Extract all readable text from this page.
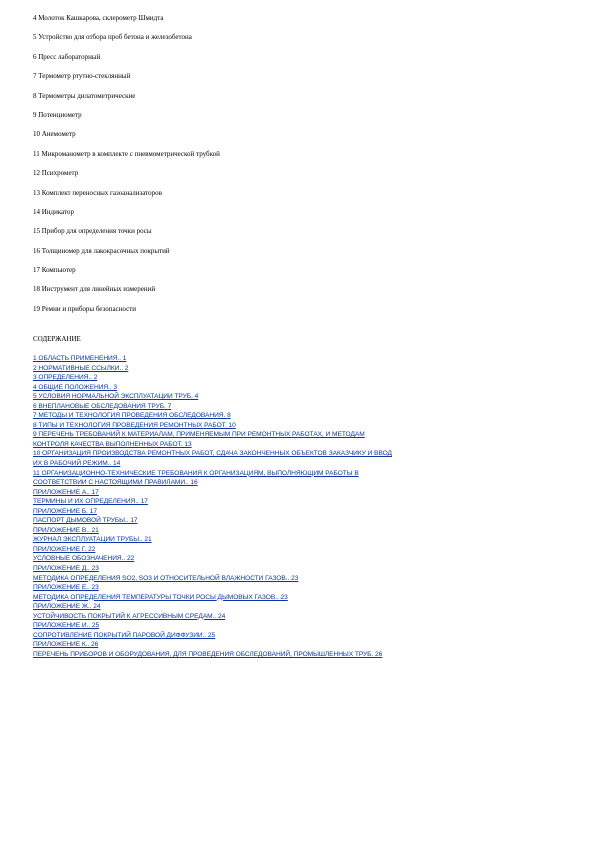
4 Молоток Кашкарова, склерометр Шмидта
5 Устройство для отбора проб бетона и железобетона
6 Пресс лабораторный
7 Термометр ртутно-стеклянный
8 Термометры дилатометрические
9 Потенциометр
10 Анемометр
11 Микроманометр в комплекте с пневмометрической трубкой
12 Психрометр
13 Комплект переносных газоанализаторов
14 Индикатор
15 Прибор для определения точки росы
16 Толщиномер для лакокрасочных покрытий
17 Компьютер
18 Инструмент для линейных измерений
19 Ремни и приборы безопасности
СОДЕРЖАНИЕ
1 ОБЛАСТЬ ПРИМЕНЕНИЯ.. 1
2 НОРМАТИВНЫЕ ССЫЛКИ.. 2
3 ОПРЕДЕЛЕНИЯ.. 2
4 ОБЩИЕ ПОЛОЖЕНИЯ.. 3
5 УСЛОВИЯ НОРМАЛЬНОЙ ЭКСПЛУАТАЦИИ ТРУБ. 4
6 ВНЕПЛАНОВЫЕ ОБСЛЕДОВАНИЯ ТРУБ. 7
7 МЕТОДЫ И ТЕХНОЛОГИЯ ПРОВЕДЕНИЯ ОБСЛЕДОВАНИЯ. 8
8 ТИПЫ И ТЕХНОЛОГИЯ ПРОВЕДЕНИЯ РЕМОНТНЫХ РАБОТ. 10
9 ПЕРЕЧЕНЬ ТРЕБОВАНИЙ К МАТЕРИАЛАМ, ПРИМЕНЯЕМЫМ ПРИ РЕМОНТНЫХ РАБОТАХ, И МЕТОДАМ
КОНТРОЛЯ КАЧЕСТВА ВЫПОЛНЕННЫХ РАБОТ. 13
10 ОРГАНИЗАЦИЯ ПРОИЗВОДСТВА РЕМОНТНЫХ РАБОТ, СДАЧА ЗАКОНЧЕННЫХ ОБЪЕКТОВ ЗАКАЗЧИКУ И ВВОД
ИХ В РАБОЧИЙ РЕЖИМ.. 14
11 ОРГАНИЗАЦИОННО-ТЕХНИЧЕСКИЕ ТРЕБОВАНИЯ К ОРГАНИЗАЦИЯМ, ВЫПОЛНЯЮЩИМ РАБОТЫ В
СООТВЕТСТВИИ С НАСТОЯЩИМИ ПРАВИЛАМИ.. 16
ПРИЛОЖЕНИЕ А.. 17
ТЕРМИНЫ И ИХ ОПРЕДЕЛЕНИЯ.. 17
ПРИЛОЖЕНИЕ Б. 17
ПАСПОРТ ДЫМОВОЙ ТРУБЫ.. 17
ПРИЛОЖЕНИЕ В.. 21
ЖУРНАЛ ЭКСПЛУАТАЦИИ ТРУБЫ.. 21
ПРИЛОЖЕНИЕ Г. 22
УСЛОВНЫЕ ОБОЗНАЧЕНИЯ.. 22
ПРИЛОЖЕНИЕ Д.. 23
МЕТОДИКА ОПРЕДЕЛЕНИЯ SO2, SO3 И ОТНОСИТЕЛЬНОЙ ВЛАЖНОСТИ ГАЗОВ.. 23
ПРИЛОЖЕНИЕ Е.. 23
МЕТОДИКА ОПРЕДЕЛЕНИЯ ТЕМПЕРАТУРЫ ТОЧКИ РОСЫ ДЫМОВЫХ ГАЗОВ.. 23
ПРИЛОЖЕНИЕ Ж.. 24
УСТОЙЧИВОСТЬ ПОКРЫТИЙ К АГРЕССИВНЫМ СРЕДАМ.. 24
ПРИЛОЖЕНИЕ И.. 25
СОПРОТИВЛЕНИЕ ПОКРЫТИЙ ПАРОВОЙ ДИФФУЗИИ.. 25
ПРИЛОЖЕНИЕ К.. 26
ПЕРЕЧЕНЬ ПРИБОРОВ И ОБОРУДОВАНИЯ, ДЛЯ ПРОВЕДЕНИЯ ОБСЛЕДОВАНИЙ, ПРОМЫШЛЕННЫХ ТРУБ. 26
